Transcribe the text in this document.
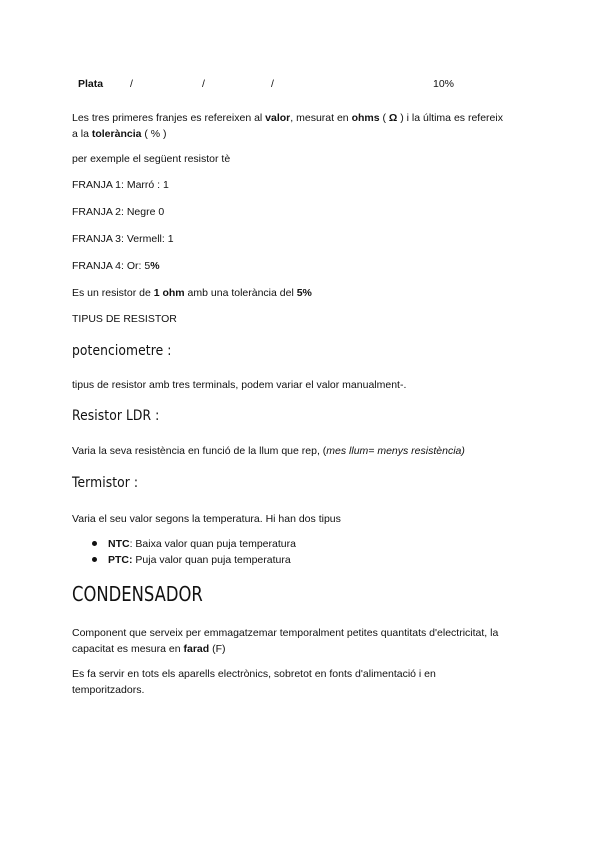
Plata	/	/	/	10%
Les tres primeres franjes es refereixen al valor, mesurat en ohms ( Ω ) i la última es refereix
a la tolerància ( % )
per exemple el següent resistor tè
FRANJA 1: Marró : 1
FRANJA 2: Negre 0
FRANJA 3: Vermell: 1
FRANJA 4: Or: 5%
Es un resistor de 1 ohm amb una tolerància del 5%
TIPUS DE RESISTOR
potenciometre :
tipus de resistor amb tres terminals, podem variar el valor manualment-.
Resistor LDR :
Varia la seva resistència en funció de la llum que rep, (mes llum= menys resistència)
Termistor :
Varia el seu valor segons la temperatura. Hi han dos tipus
NTC: Baixa valor quan puja temperatura
PTC: Puja valor quan puja temperatura
CONDENSADOR
Component que serveix per emmagatzemar temporalment petites quantitats d'electricitat, la
capacitat es mesura en farad (F)
Es fa servir en tots els aparells electrònics, sobretot en fonts d'alimentació i en
temporitzadors.
